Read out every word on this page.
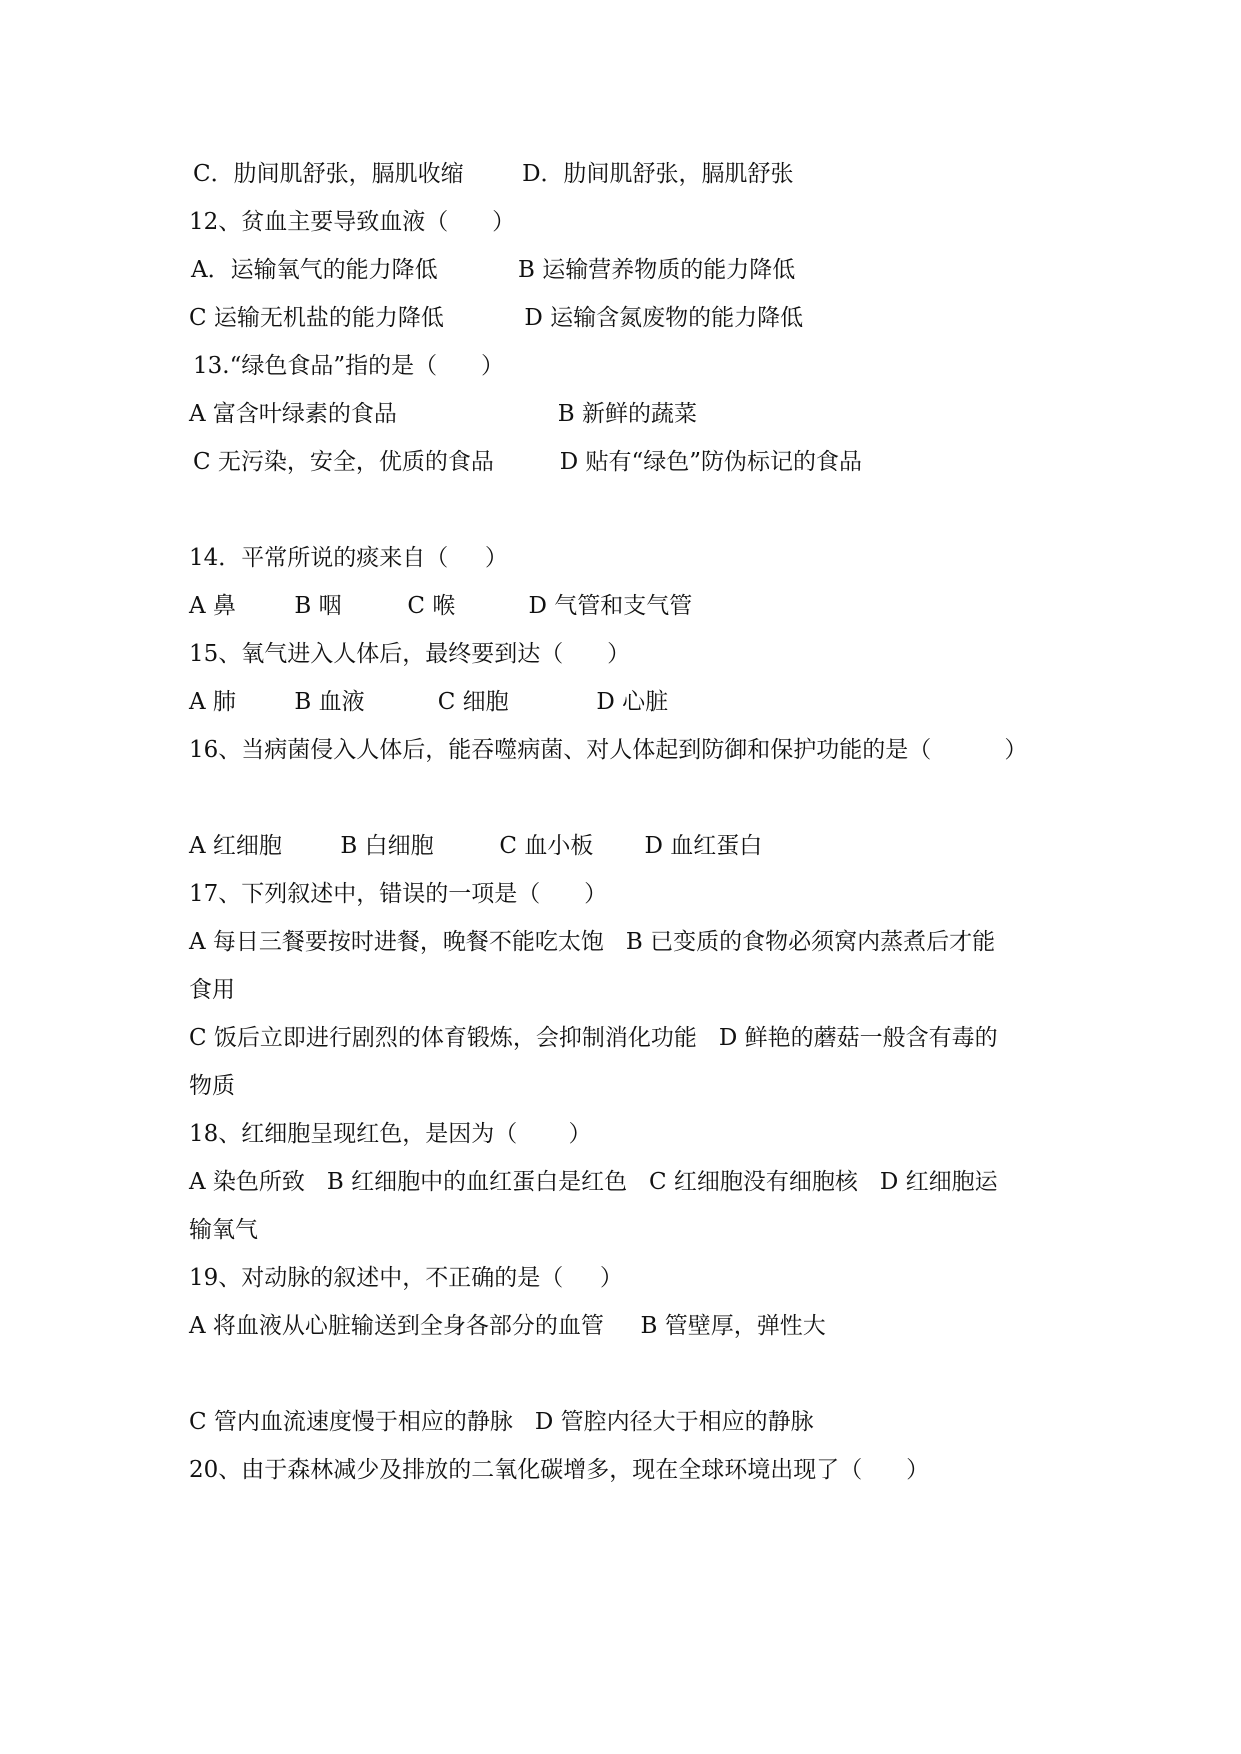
C．肋间肌舒张，膈肌收缩        D．肋间肌舒张，膈肌舒张
12、贫血主要导致血液（      ）
A．运输氧气的能力降低           B 运输营养物质的能力降低
C 运输无机盐的能力降低           D 运输含氮废物的能力降低
13.“绿色食品”指的是（      ）
A 富含叶绿素的食品                      B 新鲜的蔬菜
C 无污染，安全，优质的食品         D 贴有“绿色”防伪标记的食品
14．平常所说的痰来自（     ）
A 鼻        B 咽         C 喉          D 气管和支气管
15、氧气进入人体后，最终要到达（      ）
A 肺        B 血液          C 细胞            D 心脏
16、当病菌侵入人体后，能吞噬病菌、对人体起到防御和保护功能的是（          ）
A 红细胞        B 白细胞         C 血小板       D 血红蛋白
17、下列叙述中，错误的一项是（      ）
A 每日三餐要按时进餐，晚餐不能吃太饱   B 已变质的食物必须窝内蒸煮后才能
食用
C 饭后立即进行剧烈的体育锻炼，会抑制消化功能   D 鲜艳的蘑菇一般含有毒的
物质
18、红细胞呈现红色，是因为（       ）
A 染色所致   B 红细胞中的血红蛋白是红色   C 红细胞没有细胞核   D 红细胞运
输氧气
19、对动脉的叙述中，不正确的是（     ）
A 将血液从心脏输送到全身各部分的血管     B 管壁厚，弹性大
C 管内血流速度慢于相应的静脉   D 管腔内径大于相应的静脉
20、由于森林减少及排放的二氧化碳增多，现在全球环境出现了（      ）
